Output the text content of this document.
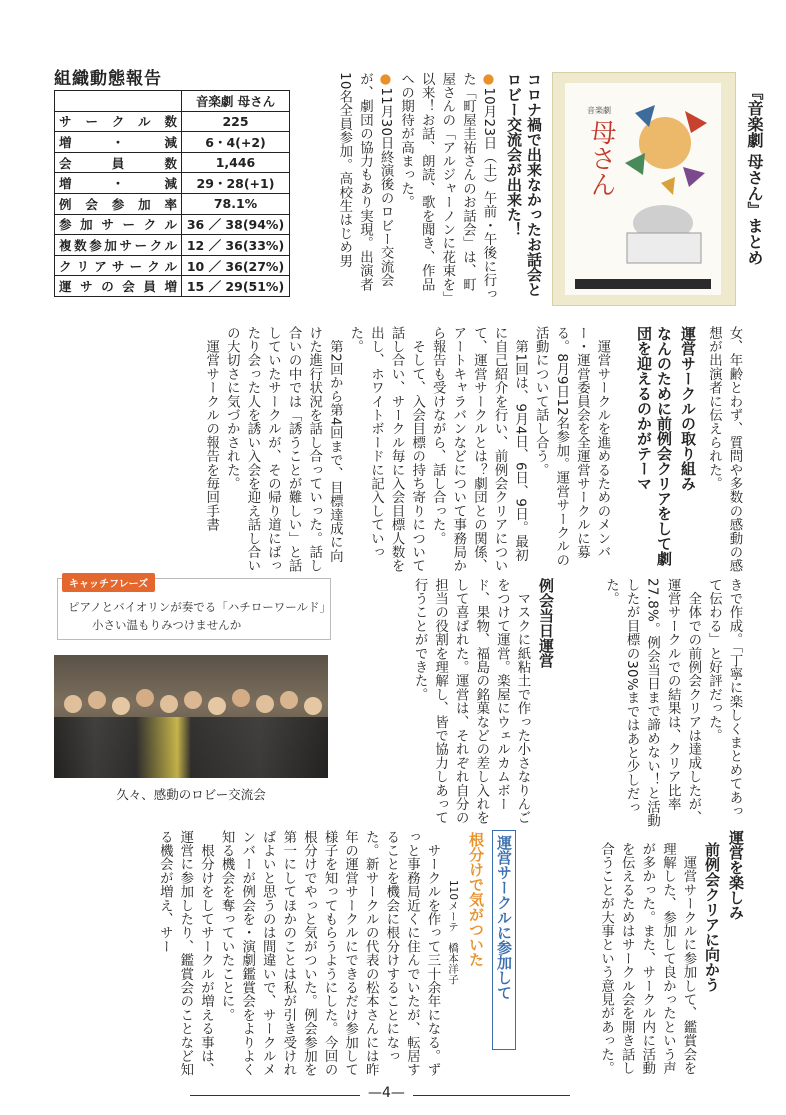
組織動態報告
	音楽劇 母さん
サークル数	225
増・減	6・4(+2)
会員数	1,446
増・減	29・28(+1)
例会参加率	78.1%
参加サークル	36 ／ 38(94%)
複数参加サークル	12 ／ 36(33%)
クリアサークル	10 ／ 36(27%)
運サの会員増	15 ／ 29(51%)	コロナ禍で出来なかったお話会とロビー交流会が出来た！
●10月23日（土）午前・午後に行った「町屋圭祐さんのお話会」は、町屋さんの「アルジャーノンに花束を」以来！お話、朗読、歌を聞き、作品への期待が高まった。
●11月30日終演後のロビー交流会が、劇団の協力もあり実現。出演者10名全員参加。高校生はじめ男	音楽劇
母さん	『音楽劇 母さん』まとめ
女、年齢とわず、質問や多数の感動の感想が出演者に伝えられた。
運営サークルの取り組み
なんのために前例会クリアをして劇団を迎えるのかがテーマ
　運営サークルを進めるためのメンバー・運営委員会を全運営サークルに募る。8月9日12名参加。運営サークルの活動について話し合う。
　第1回は、9月4日、6日、9日。最初に自己紹介を行い、前例会クリアについて、運営サークルとは？劇団との関係、アートキャラバンなどについて事務局から報告も受けながら、話し合った。
　そして、入会目標の持ち寄りについて話し合い、サークル毎に入会目標人数を出し、ホワイトボードに記入していった。
　第2回から第4回まで、目標達成に向けた進行状況を話し合っていった。話し合いの中では「誘うことが難しい」と話していたサークルが、その帰り道にばったり会った人を誘い入会を迎え話し合いの大切さに気づかされた。
　運営サークルの報告を毎回手書
きで作成。「丁寧に楽しくまとめてあって伝わる」と好評だった。
　全体での前例会クリアは達成したが、運営サークルでの結果は、クリア比率27.8%。例会当日まで諦めない！と活動したが目標の30%まではあと少しだった。
例会当日運営
　マスクに紙粘土で作った小さなりんごをつけて運営。楽屋にウェルカムボード、果物、福島の銘菓などの差し入れをして喜ばれた。運営は、それぞれ自分の担当の役割を理解し、皆で協力しあって行うことができた。
ピアノとバイオリンが奏でる「ハチローワールド」
小さい温もりみつけませんか
キャッチフレーズ
久々、感動のロビー交流会
運営を楽しみ
前例会クリアに向かう
　運営サークルに参加して、鑑賞会を理解した、参加して良かったという声が多かった。また、サークル内に活動を伝えるためはサークル会を開き話し合うことが大事という意見があった。
運営サークルに参加して
根分けで気がついた
110メーテ　橋本洋子
　サークルを作って三十余年になる。ずっと事務局近くに住んでいたが、転居することを機会に根分けすることになった。新サークルの代表の松本さんには昨年の運営サークルにできるだけ参加して様子を知ってもらうようにした。今回の根分けでやっと気がついた。例会参加を第一にしてほかのことは私が引き受ければよいと思うのは間違いで、サークルメンバーが例会を・演劇鑑賞会をよりよく知る機会を奪っていたことに。
　根分けをしてサークルが増える事は、運営に参加したり、鑑賞会のことなど知る機会が増え、サー
—4—
